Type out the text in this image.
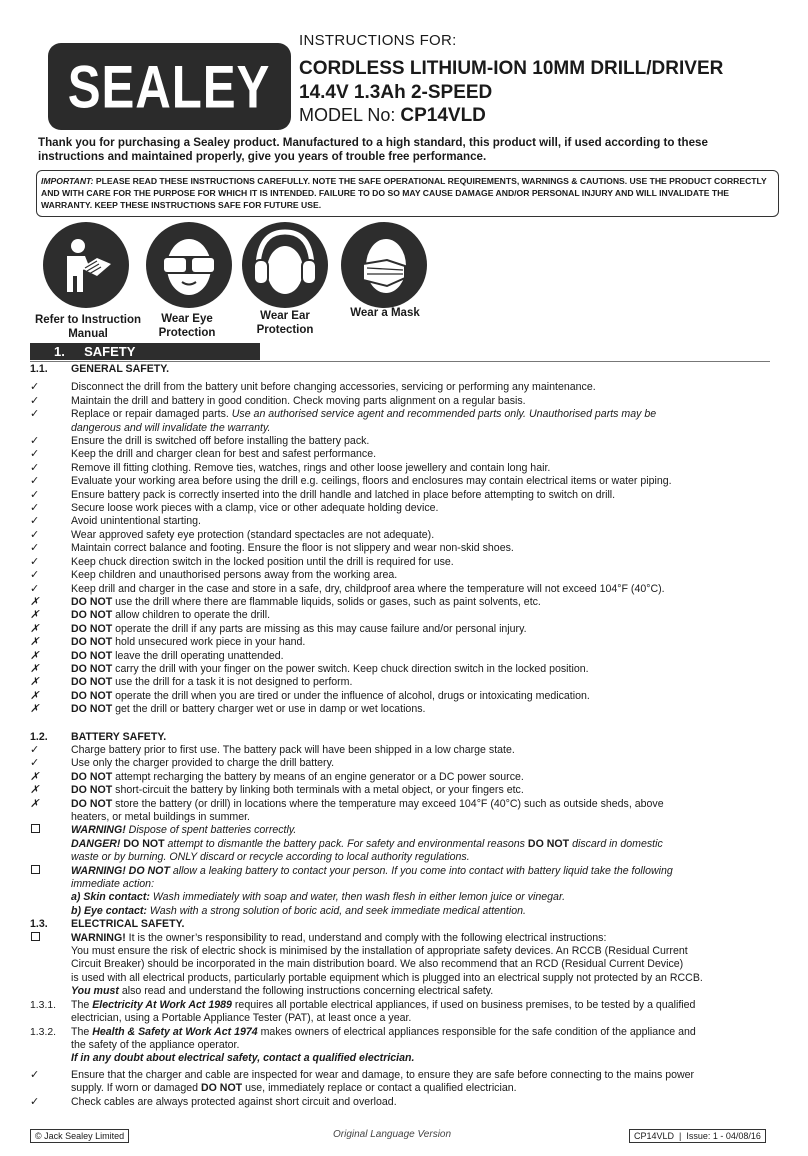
SEALEY
INSTRUCTIONS FOR:
CORDLESS LITHIUM-ION 10MM DRILL/DRIVER
14.4V 1.3Ah 2-SPEED
MODEL No: CP14VLD
Thank you for purchasing a Sealey product. Manufactured to a high standard, this product will, if used according to these instructions and maintained properly, give you years of trouble free performance.
IMPORTANT: PLEASE READ THESE INSTRUCTIONS CAREFULLY. NOTE THE SAFE OPERATIONAL REQUIREMENTS, WARNINGS & CAUTIONS. USE THE PRODUCT CORRECTLY AND WITH CARE FOR THE PURPOSE FOR WHICH IT IS INTENDED. FAILURE TO DO SO MAY CAUSE DAMAGE AND/OR PERSONAL INJURY AND WILL INVALIDATE THE WARRANTY. KEEP THESE INSTRUCTIONS SAFE FOR FUTURE USE.
Refer to Instruction
Manual
Wear Eye
Protection
Wear Ear
Protection
Wear a Mask
1. SAFETY
1.1.	GENERAL SAFETY.
✓	Disconnect the drill from the battery unit before changing accessories, servicing or performing any maintenance.
✓	Maintain the drill and battery in good condition. Check moving parts alignment on a regular basis.
✓	Replace or repair damaged parts. Use an authorised service agent and recommended parts only. Unauthorised parts may be
dangerous and will invalidate the warranty.
✓	Ensure the drill is switched off before installing the battery pack.
✓	Keep the drill and charger clean for best and safest performance.
✓	Remove ill fitting clothing. Remove ties, watches, rings and other loose jewellery and contain long hair.
✓	Evaluate your working area before using the drill e.g. ceilings, floors and enclosures may contain electrical items or water piping.
✓	Ensure battery pack is correctly inserted into the drill handle and latched in place before attempting to switch on drill.
✓	Secure loose work pieces with a clamp, vice or other adequate holding device.
✓	Avoid unintentional starting.
✓	Wear approved safety eye protection (standard spectacles are not adequate).
✓	Maintain correct balance and footing. Ensure the floor is not slippery and wear non-skid shoes.
✓	Keep chuck direction switch in the locked position until the drill is required for use.
✓	Keep children and unauthorised persons away from the working area.
✓	Keep drill and charger in the case and store in a safe, dry, childproof area where the temperature will not exceed 104°F (40°C).
✗	DO NOT use the drill where there are flammable liquids, solids or gases, such as paint solvents, etc.
✗	DO NOT allow children to operate the drill.
✗	DO NOT operate the drill if any parts are missing as this may cause failure and/or personal injury.
✗	DO NOT hold unsecured work piece in your hand.
✗	DO NOT leave the drill operating unattended.
✗	DO NOT carry the drill with your finger on the power switch. Keep chuck direction switch in the locked position.
✗	DO NOT use the drill for a task it is not designed to perform.
✗	DO NOT operate the drill when you are tired or under the influence of alcohol, drugs or intoxicating medication.
✗	DO NOT get the drill or battery charger wet or use in damp or wet locations.
1.2.	BATTERY SAFETY.
✓	Charge battery prior to first use. The battery pack will have been shipped in a low charge state.
✓	Use only the charger provided to charge the drill battery.
✗	DO NOT attempt recharging the battery by means of an engine generator or a DC power source.
✗	DO NOT short-circuit the battery by linking both terminals with a metal object, or your fingers etc.
✗	DO NOT store the battery (or drill) in locations where the temperature may exceed 104°F (40°C) such as outside sheds, above
heaters, or metal buildings in summer.
WARNING! Dispose of spent batteries correctly.
DANGER! DO NOT attempt to dismantle the battery pack. For safety and environmental reasons DO NOT discard in domestic
waste or by burning. ONLY discard or recycle according to local authority regulations.
WARNING! DO NOT allow a leaking battery to contact your person. If you come into contact with battery liquid take the following
immediate action:
a) Skin contact: Wash immediately with soap and water, then wash flesh in either lemon juice or vinegar.
b) Eye contact: Wash with a strong solution of boric acid, and seek immediate medical attention.
1.3.	ELECTRICAL SAFETY.
WARNING! It is the owner’s responsibility to read, understand and comply with the following electrical instructions:
You must ensure the risk of electric shock is minimised by the installation of appropriate safety devices. An RCCB (Residual Current
Circuit Breaker) should be incorporated in the main distribution board. We also recommend that an RCD (Residual Current Device)
is used with all electrical products, particularly portable equipment which is plugged into an electrical supply not protected by an RCCB.
You must also read and understand the following instructions concerning electrical safety.
1.3.1.	The Electricity At Work Act 1989 requires all portable electrical appliances, if used on business premises, to be tested by a qualified
electrician, using a Portable Appliance Tester (PAT), at least once a year.
1.3.2.	The Health & Safety at Work Act 1974 makes owners of electrical appliances responsible for the safe condition of the appliance and
the safety of the appliance operator.
If in any doubt about electrical safety, contact a qualified electrician.
✓	Ensure that the charger and cable are inspected for wear and damage, to ensure they are safe before connecting to the mains power
supply. If worn or damaged DO NOT use, immediately replace or contact a qualified electrician.
✓	Check cables are always protected against short circuit and overload.
© Jack Sealey Limited	Original Language Version	CP14VLD  |  Issue: 1 - 04/08/16
